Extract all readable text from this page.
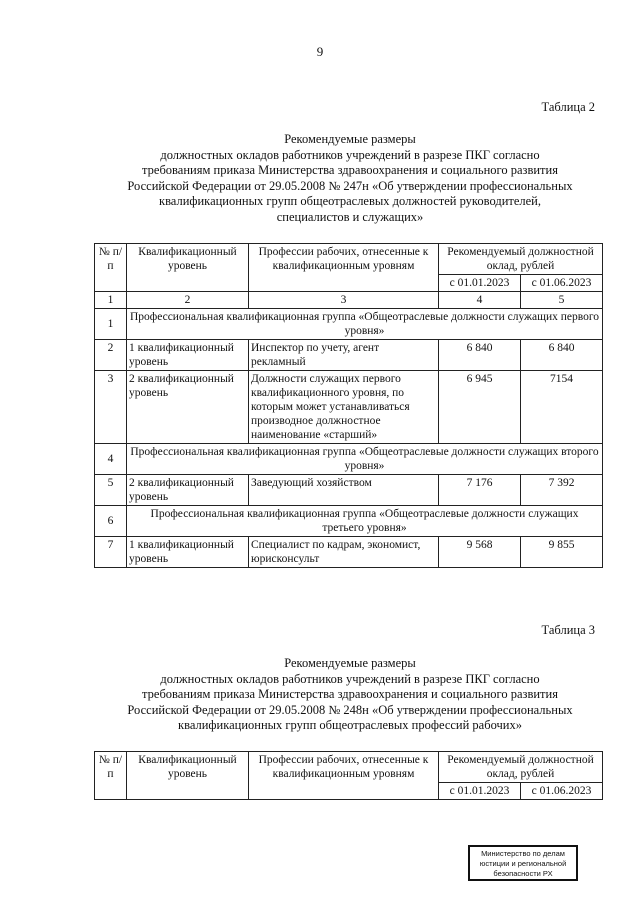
9
Таблица 2
Рекомендуемые размеры
должностных окладов работников учреждений в разрезе ПКГ согласно
требованиям приказа Министерства здравоохранения и социального развития
Российской Федерации от 29.05.2008 № 247н «Об утверждении профессиональных
квалификационных групп общеотраслевых должностей руководителей,
специалистов и служащих»
№ п/п	Квалификационный уровень	Профессии рабочих, отнесенные к квалификационным уровням	Рекомендуемый должностной оклад, рублей	
			с 01.01.2023	с 01.06.2023
1	2	3	4	5
1	Профессиональная квалификационная группа «Общеотраслевые должности служащих первого уровня»			
2	1 квалификационный уровень	Инспектор по учету, агент рекламный	6 840	6 840
3	2 квалификационный уровень	Должности служащих первого квалификационного уровня, по которым может устанавливаться производное должностное наименование «старший»	6 945	7154
4	Профессиональная квалификационная группа «Общеотраслевые должности служащих второго уровня»			
5	2 квалификационный уровень	Заведующий хозяйством	7 176	7 392
6	Профессиональная квалификационная группа «Общеотраслевые должности служащих третьего уровня»			
7	1 квалификационный уровень	Специалист по кадрам, экономист, юрисконсульт	9 568	9 855
Таблица 3
Рекомендуемые размеры
должностных окладов работников учреждений в разрезе ПКГ согласно
требованиям приказа Министерства здравоохранения и социального развития
Российской Федерации от 29.05.2008 № 248н «Об утверждении профессиональных
квалификационных групп общеотраслевых профессий рабочих»
№ п/п	Квалификационный уровень	Профессии рабочих, отнесенные к квалификационным уровням	Рекомендуемый должностной оклад, рублей	
			с 01.01.2023	с 01.06.2023
Министерство по делам
юстиции и региональной
безопасности РХ
